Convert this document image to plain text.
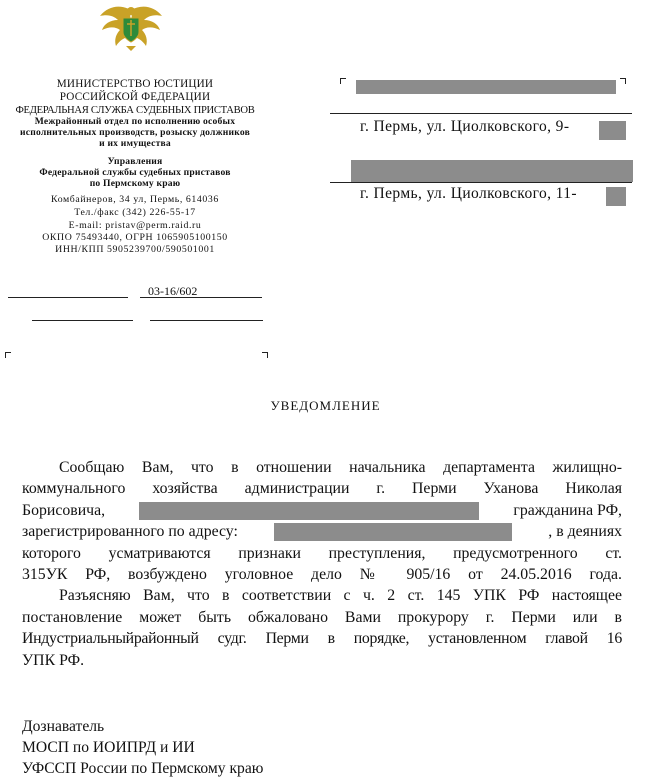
МИНИСТЕРСТВО ЮСТИЦИИ
РОССИЙСКОЙ ФЕДЕРАЦИИ
ФЕДЕРАЛЬНАЯ СЛУЖБА СУДЕБНЫХ ПРИСТАВОВ
Межрайонный отдел по исполнению особых
исполнительных производств, розыску должников
и их имущества
Управления
Федеральной службы судебных приставов
по Пермскому краю
Комбайнеров, 34 ул, Пермь, 614036
Тел./факс (342) 226-55-17
E-mail: pristav@perm.raid.ru
ОКПО 75493440, ОГРН 1065905100150
ИНН/КПП 5905239700/590501001
03-16/602
г. Пермь, ул. Циолковского, 9-
г. Пермь, ул. Циолковского, 11-
УВЕДОМЛЕНИЕ

Сообщаю Вам, что в отношении начальника департамента жилищно-

коммунального хозяйства администрации г. Перми Уханова Николая

Борисовича,	гражданина РФ,

зарегистрированного по адресу:	, в деяниях

которого усматриваются признаки преступления, предусмотренного ст.

315УК РФ, возбуждено уголовное дело № 905/16 от 24.05.2016 года.

Разъясняю Вам, что в соответствии с ч. 2 ст. 145 УПК РФ настоящее

постановление может быть обжаловано Вами прокурору г. Перми или в

Индустриальныйрайонный судг. Перми в порядке, установленном главой 16

УПК РФ.

Дознаватель
МОСП по ИОИПРД и ИИ
УФССП России по Пермскому краю
